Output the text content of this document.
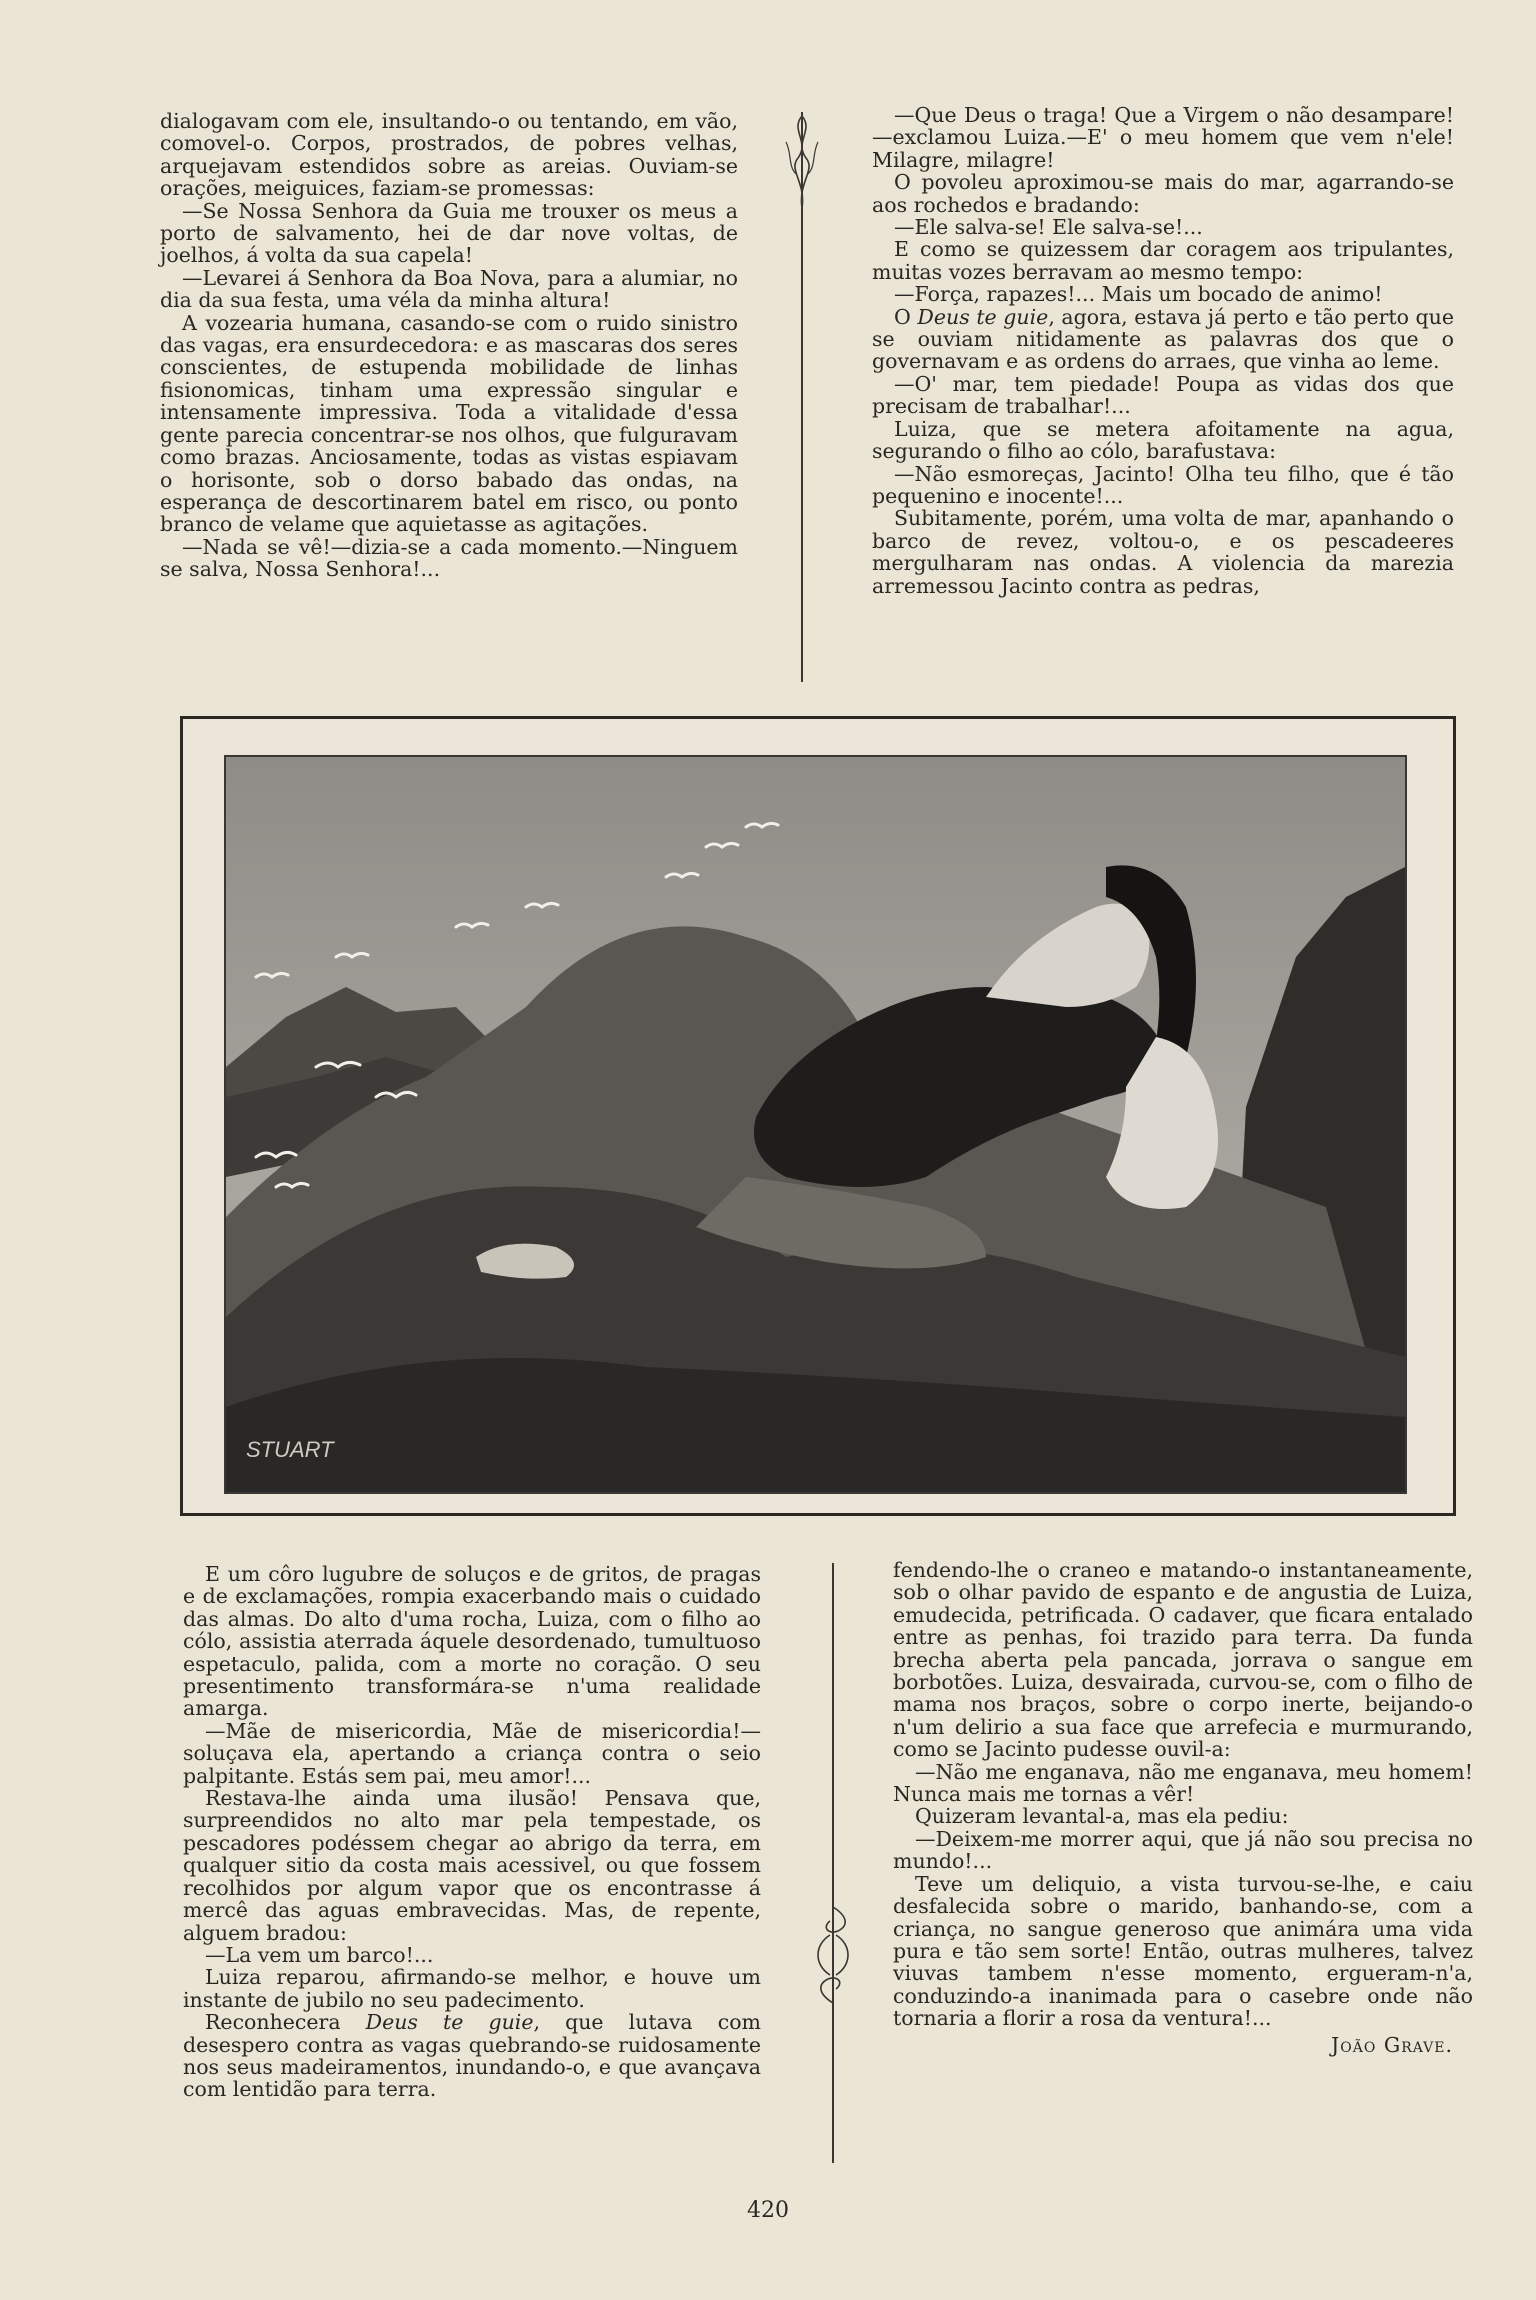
dialogavam com ele, insultando-o ou tentando, em vão, comovel-o. Corpos, prostrados, de pobres velhas, arquejavam estendidos sobre as areias. Ouviam-se orações, meiguices, faziam-se promessas:

—Se Nossa Senhora da Guia me trouxer os meus a porto de salvamento, hei de dar nove voltas, de joelhos, á volta da sua capela!

—Levarei á Senhora da Boa Nova, para a alumiar, no dia da sua festa, uma véla da minha altura!

A vozearia humana, casando-se com o ruido sinistro das vagas, era ensurdecedora: e as mascaras dos seres conscientes, de estupenda mobilidade de linhas fisionomicas, tinham uma expressão singular e intensamente impressiva. Toda a vitalidade d'essa gente parecia concentrar-se nos olhos, que fulguravam como brazas. Anciosamente, todas as vistas espiavam o horisonte, sob o dorso babado das ondas, na esperança de descortinarem batel em risco, ou ponto branco de velame que aquietasse as agitações.

—Nada se vê!—dizia-se a cada momento.—Ninguem se salva, Nossa Senhora!...

—Que Deus o traga! Que a Virgem o não desampare!—exclamou Luiza.—E' o meu homem que vem n'ele! Milagre, milagre!

O povoleu aproximou-se mais do mar, agarrando-se aos rochedos e bradando:

—Ele salva-se! Ele salva-se!...

E como se quizessem dar coragem aos tripulantes, muitas vozes berravam ao mesmo tempo:

—Força, rapazes!... Mais um bocado de animo!

O Deus te guie, agora, estava já perto e tão perto que se ouviam nitidamente as palavras dos que o governavam e as ordens do arraes, que vinha ao leme.

—O' mar, tem piedade! Poupa as vidas dos que precisam de trabalhar!...

Luiza, que se metera afoitamente na agua, segurando o filho ao cólo, barafustava:

—Não esmoreças, Jacinto! Olha teu filho, que é tão pequenino e inocente!...

Subitamente, porém, uma volta de mar, apanhando o barco de revez, voltou-o, e os pescadeeres mergulharam nas ondas. A violencia da marezia arremessou Jacinto contra as pedras,

E um côro lugubre de soluços e de gritos, de pragas e de exclamações, rompia exacerbando mais o cuidado das almas. Do alto d'uma rocha, Luiza, com o filho ao cólo, assistia aterrada áquele desordenado, tumultuoso espetaculo, palida, com a morte no coração. O seu presentimento transformára-se n'uma realidade amarga.

—Mãe de misericordia, Mãe de misericordia!—soluçava ela, apertando a criança contra o seio palpitante. Estás sem pai, meu amor!...

Restava-lhe ainda uma ilusão! Pensava que, surpreendidos no alto mar pela tempestade, os pescadores podéssem chegar ao abrigo da terra, em qualquer sitio da costa mais acessivel, ou que fossem recolhidos por algum vapor que os encontrasse á mercê das aguas embravecidas. Mas, de repente, alguem bradou:

—La vem um barco!...

Luiza reparou, afirmando-se melhor, e houve um instante de jubilo no seu padecimento.

Reconhecera Deus te guie, que lutava com desespero contra as vagas quebrando-se ruidosamente nos seus madeiramentos, inundando-o, e que avançava com lentidão para terra.

fendendo-lhe o craneo e matando-o instantaneamente, sob o olhar pavido de espanto e de angustia de Luiza, emudecida, petrificada. O cadaver, que ficara entalado entre as penhas, foi trazido para terra. Da funda brecha aberta pela pancada, jorrava o sangue em borbotões. Luiza, desvairada, curvou-se, com o filho de mama nos braços, sobre o corpo inerte, beijando-o n'um delirio a sua face que arrefecia e murmurando, como se Jacinto pudesse ouvil-a:

—Não me enganava, não me enganava, meu homem! Nunca mais me tornas a vêr!

Quizeram levantal-a, mas ela pediu:

—Deixem-me morrer aqui, que já não sou precisa no mundo!...

Teve um deliquio, a vista turvou-se-lhe, e caiu desfalecida sobre o marido, banhando-se, com a criança, no sangue generoso que animára uma vida pura e tão sem sorte! Então, outras mulheres, talvez viuvas tambem n'esse momento, ergueram-n'a, conduzindo-a inanimada para o casebre onde não tornaria a florir a rosa da ventura!...

João Grave.
STUART
420
